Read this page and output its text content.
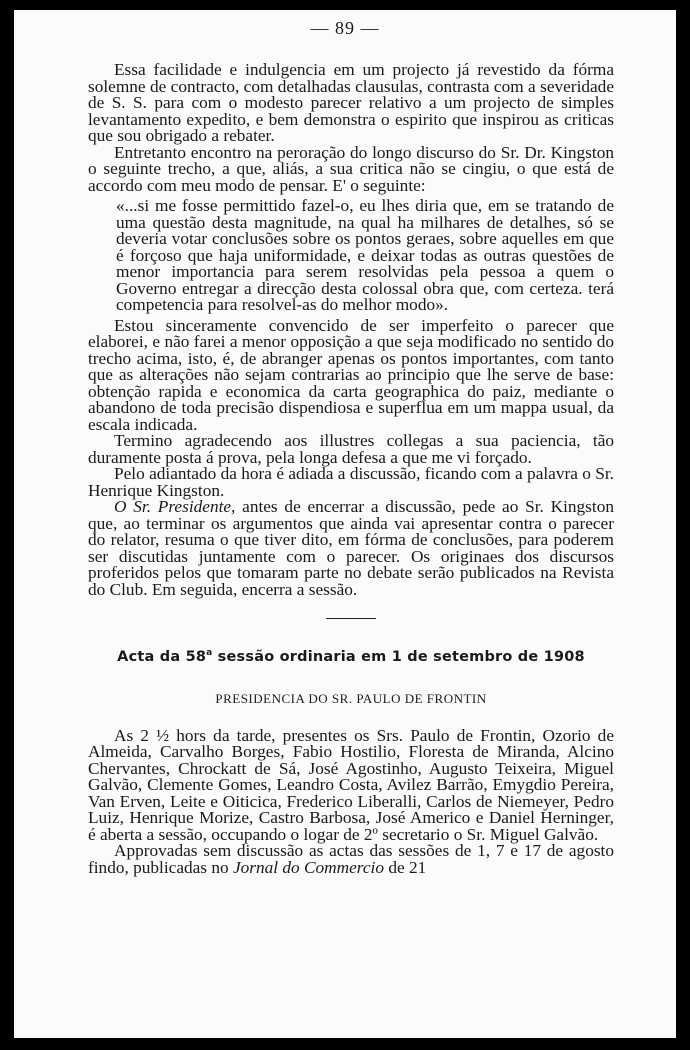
— 89 —

Essa facilidade e indulgencia em um projecto já revestido da fórma solemne de contracto, com detalhadas clausulas, contrasta com a severidade de S. S. para com o modesto parecer relativo a um projecto de simples levantamento expedito, e bem demonstra o espirito que inspirou as criticas que sou obrigado a rebater.

Entretanto encontro na peroração do longo discurso do Sr. Dr. Kingston o seguinte trecho, a que, aliás, a sua critica não se cingiu, o que está de accordo com meu modo de pensar. E' o seguinte:

«...si me fosse permittido fazel-o, eu lhes diria que, em se tratando de uma questão desta magnitude, na qual ha milhares de detalhes, só se deveria votar conclusões sobre os pontos geraes, sobre aquelles em que é forçoso que haja uniformidade, e deixar todas as outras questões de menor importancia para serem resolvidas pela pessoa a quem o Governo entregar a direcção desta colossal obra que, com certeza. terá competencia para resolvel-as do melhor modo».

Estou sinceramente convencido de ser imperfeito o parecer que elaborei, e não farei a menor opposição a que seja modificado no sentido do trecho acima, isto, é, de abranger apenas os pontos importantes, com tanto que as alterações não sejam contrarias ao principio que lhe serve de base: obtenção rapida e economica da carta geographica do paiz, mediante o abandono de toda precisão dispendiosa e superflua em um mappa usual, da escala indicada.

Termino agradecendo aos illustres collegas a sua paciencia, tão duramente posta á prova, pela longa defesa a que me vi forçado.

Pelo adiantado da hora é adiada a discussão, ficando com a palavra o Sr. Henrique Kingston.

O Sr. Presidente, antes de encerrar a discussão, pede ao Sr. Kingston que, ao terminar os argumentos que ainda vai apresentar contra o parecer do relator, resuma o que tiver dito, em fórma de conclusões, para poderem ser discutidas juntamente com o parecer. Os originaes dos discursos proferidos pelos que tomaram parte no debate serão publicados na Revista do Club. Em seguida, encerra a sessão.

Acta da 58$^a$ sessão ordinaria em 1 de setembro de 1908
PRESIDENCIA DO SR. PAULO DE FRONTIN

As 2 ½ hors da tarde, presentes os Srs. Paulo de Frontin, Ozorio de Almeida, Carvalho Borges, Fabio Hostilio, Floresta de Miranda, Alcino Chervantes, Chrockatt de Sá, José Agostinho, Augusto Teixeira, Miguel Galvão, Clemente Gomes, Leandro Costa, Avilez Barrão, Emygdio Pereira, Van Erven, Leite e Oiticica, Frederico Liberalli, Carlos de Niemeyer, Pedro Luiz, Henrique Morize, Castro Barbosa, José Americo e Daniel Herninger, é aberta a sessão, occupando o logar de 2º secretario o Sr. Miguel Galvão.

Approvadas sem discussão as actas das sessões de 1, 7 e 17 de agosto findo, publicadas no Jornal do Commercio de 21
